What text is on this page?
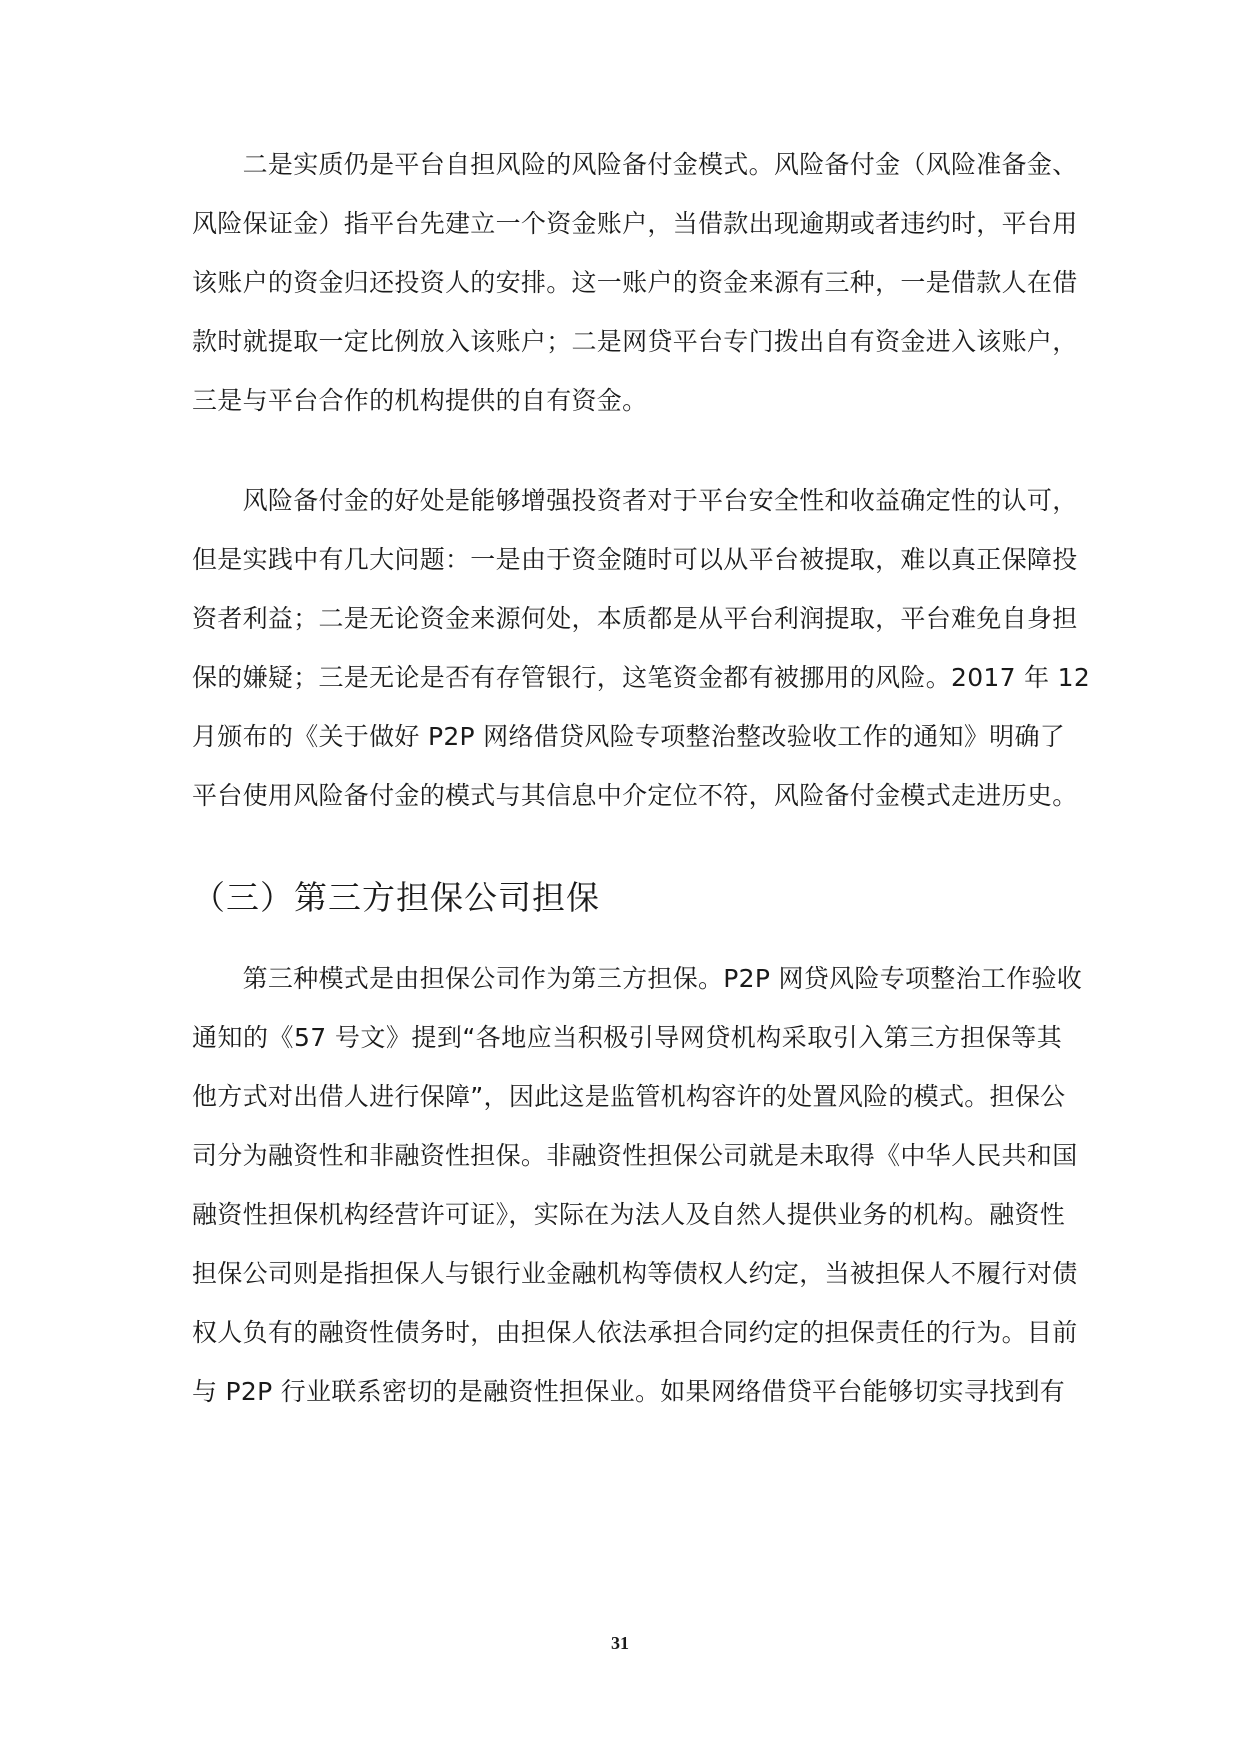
　　二是实质仍是平台自担风险的风险备付金模式。风险备付金（风险准备金、
风险保证金）指平台先建立一个资金账户，当借款出现逾期或者违约时，平台用
该账户的资金归还投资人的安排。这一账户的资金来源有三种，一是借款人在借
款时就提取一定比例放入该账户；二是网贷平台专门拨出自有资金进入该账户，
三是与平台合作的机构提供的自有资金。
　　风险备付金的好处是能够增强投资者对于平台安全性和收益确定性的认可，
但是实践中有几大问题：一是由于资金随时可以从平台被提取，难以真正保障投
资者利益；二是无论资金来源何处，本质都是从平台利润提取，平台难免自身担
保的嫌疑；三是无论是否有存管银行，这笔资金都有被挪用的风险。2017 年 12
月颁布的《关于做好 P2P 网络借贷风险专项整治整改验收工作的通知》明确了
平台使用风险备付金的模式与其信息中介定位不符，风险备付金模式走进历史。
（三）第三方担保公司担保
　　第三种模式是由担保公司作为第三方担保。P2P 网贷风险专项整治工作验收
通知的《57 号文》提到“各地应当积极引导网贷机构采取引入第三方担保等其
他方式对出借人进行保障”，因此这是监管机构容许的处置风险的模式。担保公
司分为融资性和非融资性担保。非融资性担保公司就是未取得《中华人民共和国
融资性担保机构经营许可证》，实际在为法人及自然人提供业务的机构。融资性
担保公司则是指担保人与银行业金融机构等债权人约定，当被担保人不履行对债
权人负有的融资性债务时，由担保人依法承担合同约定的担保责任的行为。目前
与 P2P 行业联系密切的是融资性担保业。如果网络借贷平台能够切实寻找到有
31
